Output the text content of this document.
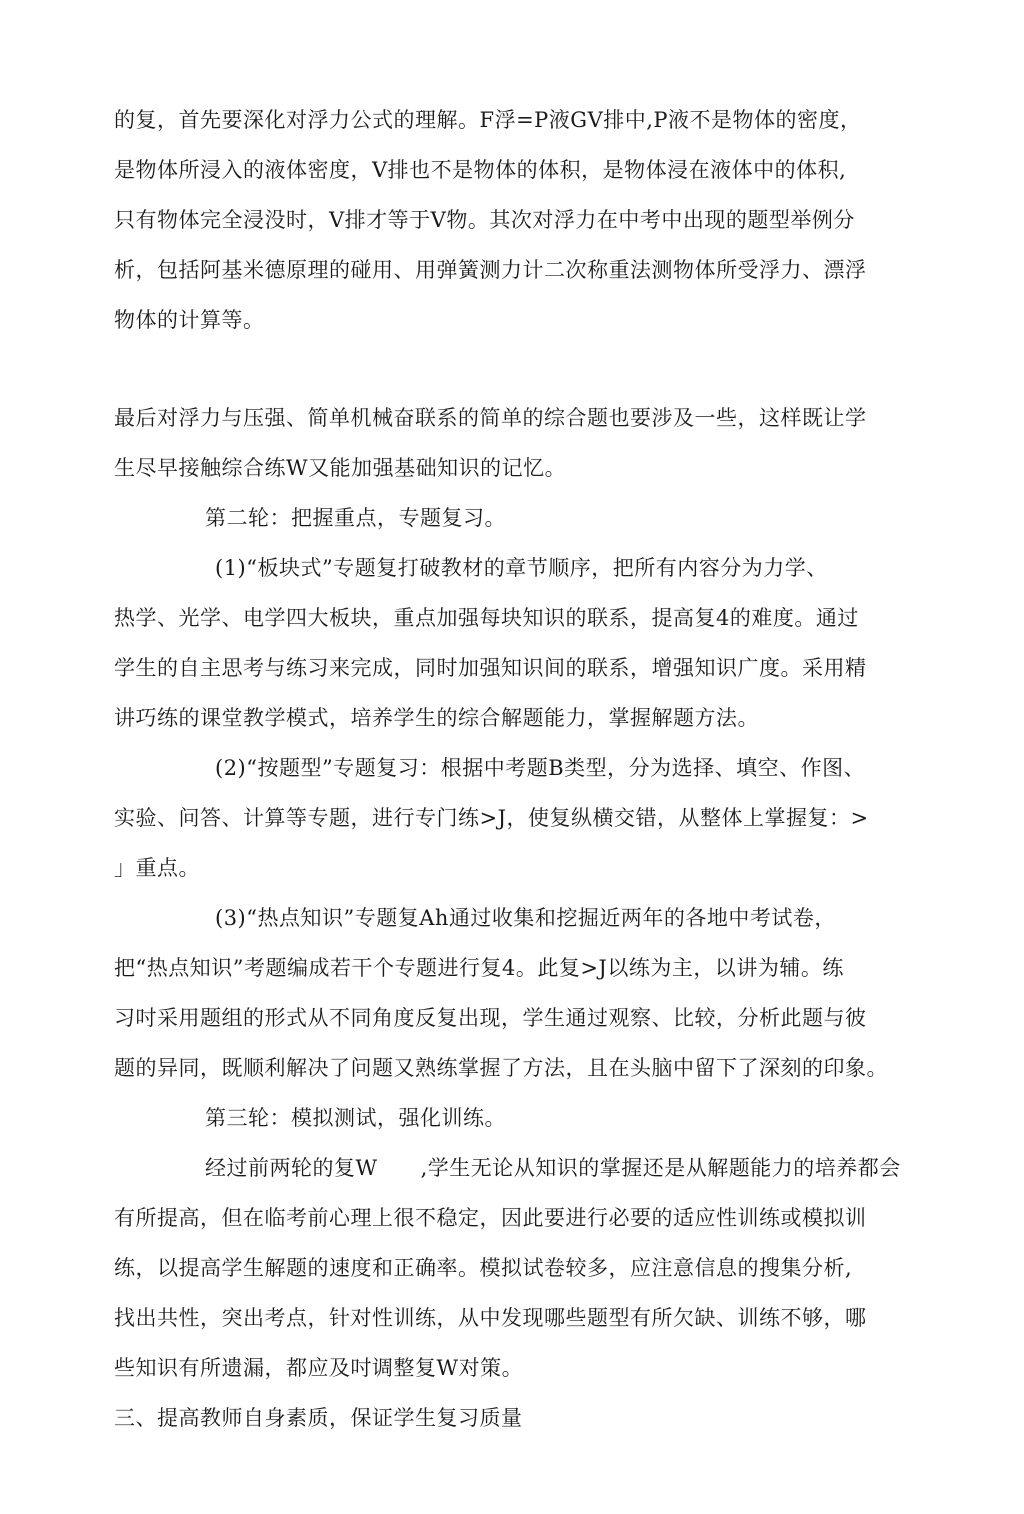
的复，首先要深化对浮力公式的理解。F浮=P液GV排中,P液不是物体的密度，
是物体所浸入的液体密度，V排也不是物体的体积，是物体浸在液体中的体积,
只有物体完全浸没时，V排才等于V物。其次对浮力在中考中出现的题型举例分
析，包括阿基米德原理的碰用、用弹簧测力计二次称重法测物体所受浮力、漂浮
物体的计算等。
最后对浮力与压强、简单机械奋联系的简单的综合题也要涉及一些，这样既让学
生尽早接触综合练W又能加强基础知识的记忆。
第二轮：把握重点，专题复习。
(1)“板块式”专题复打破教材的章节顺序，把所有内容分为力学、
热学、光学、电学四大板块，重点加强每块知识的联系，提高复4的难度。通过
学生的自主思考与练习来完成，同时加强知识间的联系，增强知识广度。采用精
讲巧练的课堂教学模式，培养学生的综合解题能力，掌握解题方法。
(2)“按题型”专题复习：根据中考题B类型，分为选择、填空、作图、
实验、问答、计算等专题，进行专门练>J，使复纵横交错，从整体上掌握复：>
」重点。
(3)“热点知识”专题复Ah通过收集和挖掘近两年的各地中考试卷，
把“热点知识”考题编成若干个专题进行复4。此复>J以练为主，以讲为辅。练
习吋采用题组的形式从不同角度反复出现，学生通过观察、比较，分析此题与彼
题的异同，既顺利解决了问题又熟练掌握了方法，且在头脑中留下了深刻的印象。
第三轮：模拟测试，强化训练。
经过前两轮的复W　　,学生无论从知识的掌握还是从解题能力的培养都会
有所提高，但在临考前心理上很不稳定，因此要进行必要的适应性训练或模拟训
练，以提高学生解题的速度和正确率。模拟试卷较多，应注意信息的搜集分析,
找出共性，突出考点，针对性训练，从中发现哪些题型有所欠缺、训练不够，哪
些知识有所遗漏，都应及吋调整复W对策。
三、提高教师自身素质，保证学生复习质量
